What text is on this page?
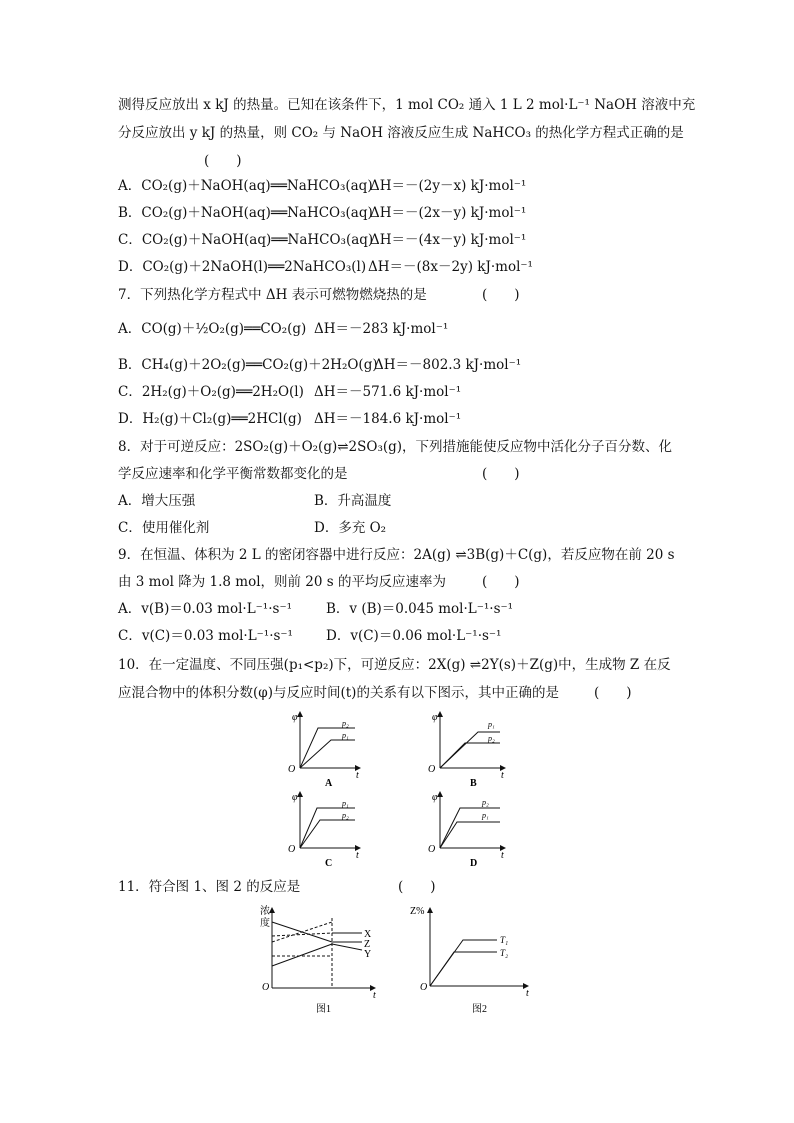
测得反应放出 x kJ 的热量。已知在该条件下，1 mol CO₂ 通入 1 L 2 mol·L⁻¹ NaOH 溶液中充
分反应放出 y kJ 的热量，则 CO₂ 与 NaOH 溶液反应生成 NaHCO₃ 的热化学方程式正确的是
(　　)
A．CO₂(g)＋NaOH(aq)══NaHCO₃(aq)
ΔH＝－(2y－x) kJ·mol⁻¹
B．CO₂(g)＋NaOH(aq)══NaHCO₃(aq)
ΔH＝－(2x－y) kJ·mol⁻¹
C．CO₂(g)＋NaOH(aq)══NaHCO₃(aq)
ΔH＝－(4x－y) kJ·mol⁻¹
D．CO₂(g)＋2NaOH(l)══2NaHCO₃(l) ΔH＝－(8x－2y) kJ·mol⁻¹
7．下列热化学方程式中 ΔH 表示可燃物燃烧热的是	(　　)
A．CO(g)＋½O₂(g)══CO₂(g) ΔH＝－283 kJ·mol⁻¹
B．CH₄(g)＋2O₂(g)══CO₂(g)＋2H₂O(g)
ΔH＝－802.3 kJ·mol⁻¹
C．2H₂(g)＋O₂(g)══2H₂O(l) ΔH＝－571.6 kJ·mol⁻¹
D．H₂(g)＋Cl₂(g)══2HCl(g) ΔH＝－184.6 kJ·mol⁻¹
8．对于可逆反应：2SO₂(g)＋O₂(g)⇌2SO₃(g)，下列措施能使反应物中活化分子百分数、化
学反应速率和化学平衡常数都变化的是	(　　)
A．增大压强	B．升高温度
C．使用催化剂	D．多充 O₂
9．在恒温、体积为 2 L 的密闭容器中进行反应：2A(g) ⇌3B(g)＋C(g)，若反应物在前 20 s
由 3 mol 降为 1.8 mol，则前 20 s 的平均反应速率为	(　　)
A．v(B)＝0.03 mol·L⁻¹·s⁻¹	B．v (B)＝0.045 mol·L⁻¹·s⁻¹
C．v(C)＝0.03 mol·L⁻¹·s⁻¹ D．v(C)＝0.06 mol·L⁻¹·s⁻¹
10．在一定温度、不同压强(p₁<p₂)下，可逆反应：2X(g) ⇌2Y(s)＋Z(g)中，生成物 Z 在反
应混合物中的体积分数(φ)与反应时间(t)的关系有以下图示，其中正确的是	(　　)
φ
O
t
p₂
p₁
A
φ
O
t
p₁
p₂
B
φ
O
t
p₁
p₂
C
φ
O
t
p₂
p₁
D
浓
度
X
Z
Y
O
t
图1
Z%
T₁
T₂
O
t
图2
11．符合图 1、图 2 的反应是	(　　)
